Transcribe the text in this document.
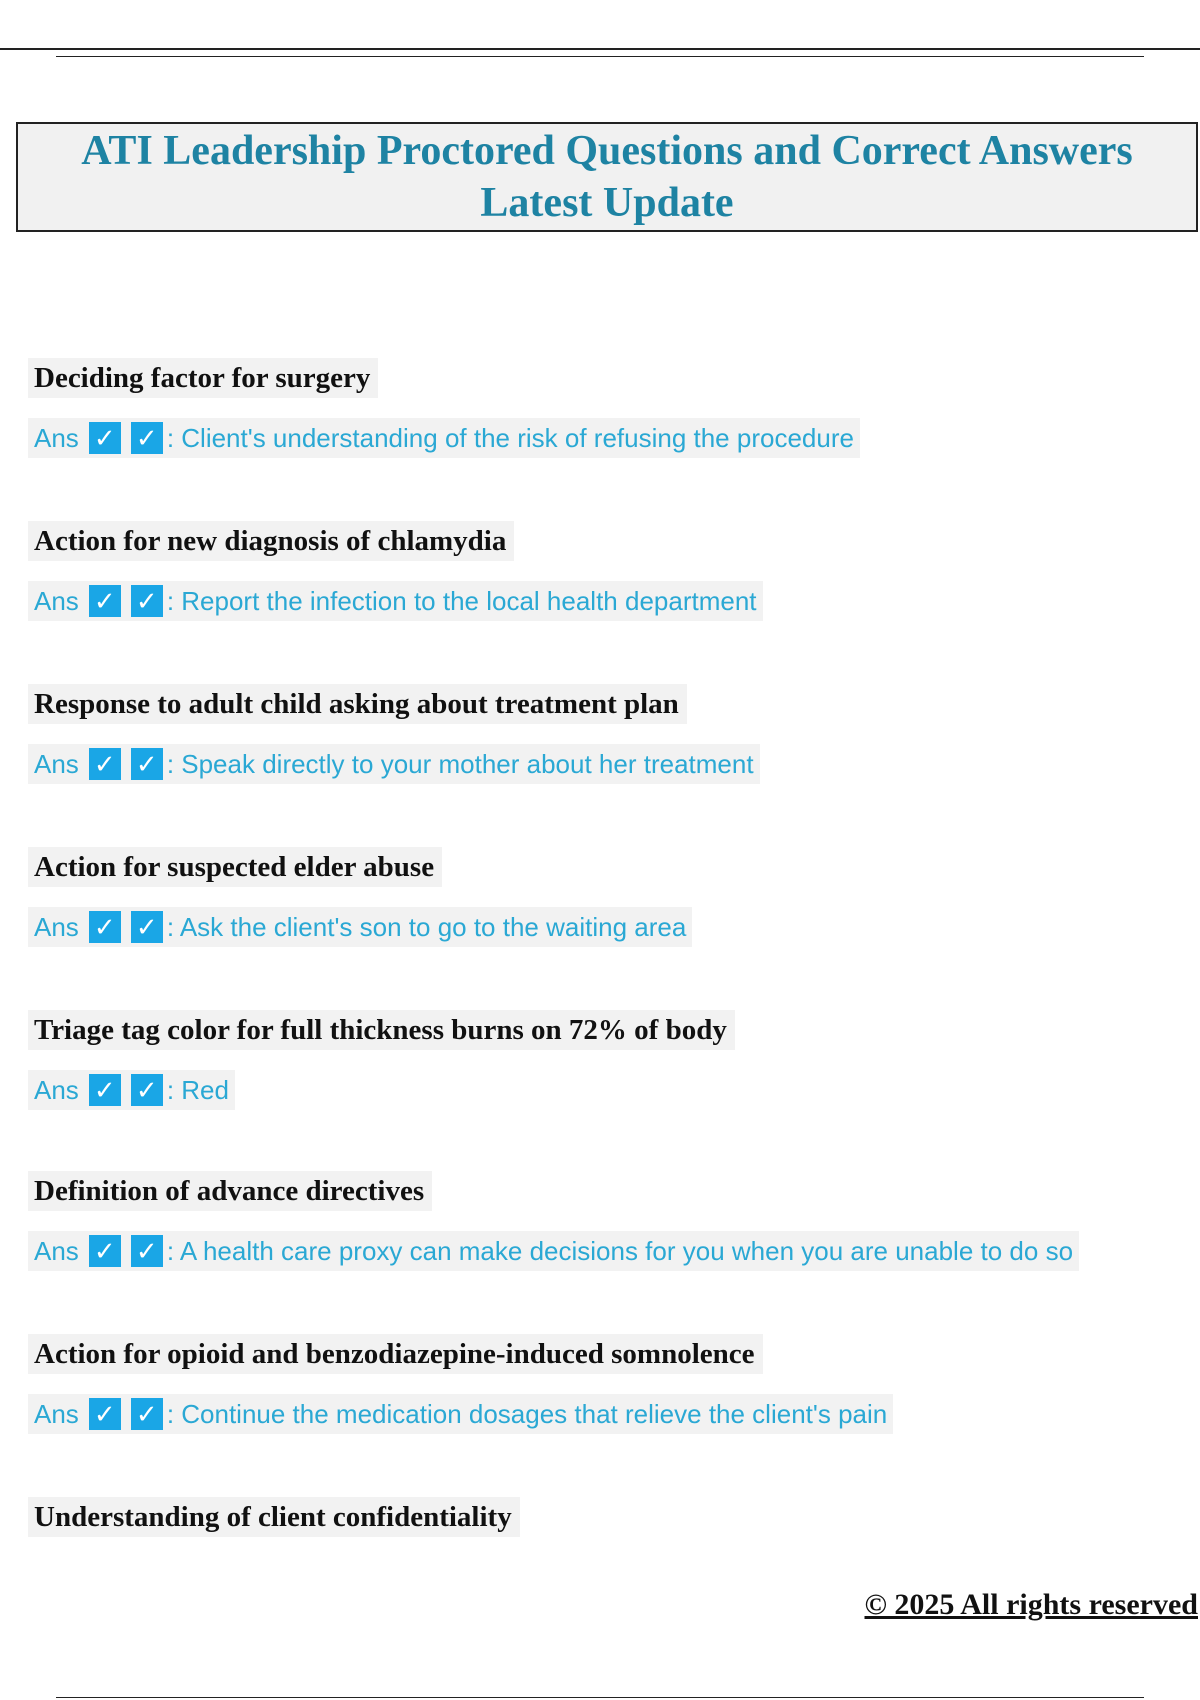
ATI Leadership Proctored Questions and Correct Answers
Latest Update
Deciding factor for surgery

Ans ✓ ✓ : Client's understanding of the risk of refusing the procedure
Action for new diagnosis of chlamydia

Ans ✓ ✓ : Report the infection to the local health department
Response to adult child asking about treatment plan

Ans ✓ ✓ : Speak directly to your mother about her treatment
Action for suspected elder abuse

Ans ✓ ✓ : Ask the client's son to go to the waiting area
Triage tag color for full thickness burns on 72% of body

Ans ✓ ✓ : Red
Definition of advance directives

Ans ✓ ✓ : A health care proxy can make decisions for you when you are unable to do so
Action for opioid and benzodiazepine-induced somnolence

Ans ✓ ✓ : Continue the medication dosages that relieve the client's pain
Understanding of client confidentiality
© 2025 All rights reserved
